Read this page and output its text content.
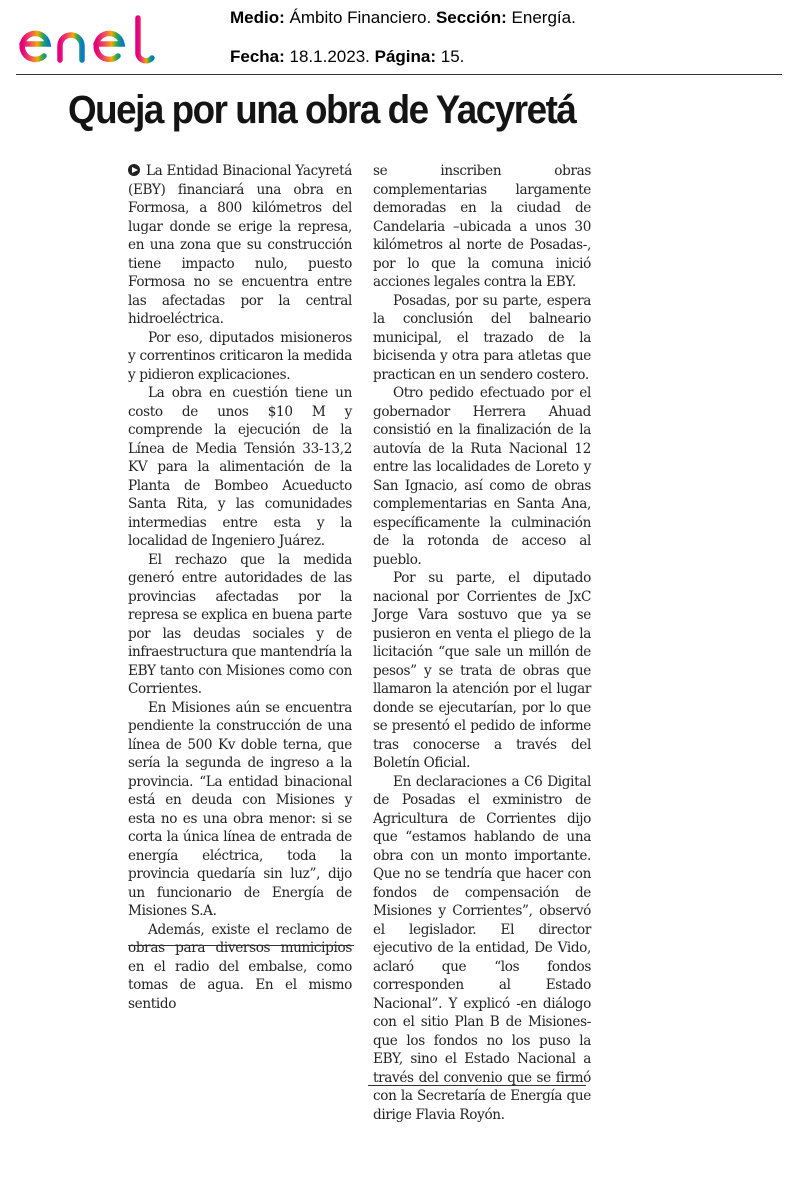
Medio: Ámbito Financiero. Sección: Energía.
Fecha: 18.1.2023. Página: 15.
Queja por una obra de Yacyretá

La Entidad Binacional Yacyretá (EBY) financiará una obra en Formosa, a 800 kilómetros del lugar donde se erige la represa, en una zona que su construcción tiene impacto nulo, puesto Formosa no se encuentra entre las afectadas por la central hidroeléctrica.

Por eso, diputados misioneros y correntinos criticaron la medida y pidieron explicaciones.

La obra en cuestión tiene un costo de unos $10 M y comprende la ejecución de la Línea de Media Tensión 33-13,2 KV para la alimentación de la Planta de Bombeo Acueducto Santa Rita, y las comunidades intermedias entre esta y la localidad de Ingeniero Juárez.

El rechazo que la medida generó entre autoridades de las provincias afectadas por la represa se explica en buena parte por las deudas sociales y de infraestructura que mantendría la EBY tanto con Misiones como con Corrientes.

En Misiones aún se encuentra pendiente la construcción de una línea de 500 Kv doble terna, que sería la segunda de ingreso a la provincia. “La entidad binacional está en deuda con Misiones y esta no es una obra menor: si se corta la única línea de entrada de energía eléctrica, toda la provincia quedaría sin luz”, dijo un funcionario de Energía de Misiones S.A.

Además, existe el reclamo de obras para diversos municipios en el radio del embalse, como tomas de agua. En el mismo sentido

se inscriben obras complementarias largamente demoradas en la ciudad de Candelaria –ubicada a unos 30 kilómetros al norte de Posadas-, por lo que la comuna inició acciones legales contra la EBY.

Posadas, por su parte, espera la conclusión del balneario municipal, el trazado de la bicisenda y otra para atletas que practican en un sendero costero.

Otro pedido efectuado por el gobernador Herrera Ahuad consistió en la finalización de la autovía de la Ruta Nacional 12 entre las localidades de Loreto y San Ignacio, así como de obras complementarias en Santa Ana, específicamente la culminación de la rotonda de acceso al pueblo.

Por su parte, el diputado nacional por Corrientes de JxC Jorge Vara sostuvo que ya se pusieron en venta el pliego de la licitación “que sale un millón de pesos” y se trata de obras que llamaron la atención por el lugar donde se ejecutarían, por lo que se presentó el pedido de informe tras conocerse a través del Boletín Oficial.

En declaraciones a C6 Digital de Posadas el exministro de Agricultura de Corrientes dijo que “estamos hablando de una obra con un monto importante. Que no se tendría que hacer con fondos de compensación de Misiones y Corrientes”, observó el legislador. El director ejecutivo de la entidad, De Vido, aclaró que “los fondos corresponden al Estado Nacional”. Y explicó -en diálogo con el sitio Plan B de Misiones- que los fondos no los puso la EBY, sino el Estado Nacional a través del convenio que se firmó con la Secretaría de Energía que dirige Flavia Royón.
